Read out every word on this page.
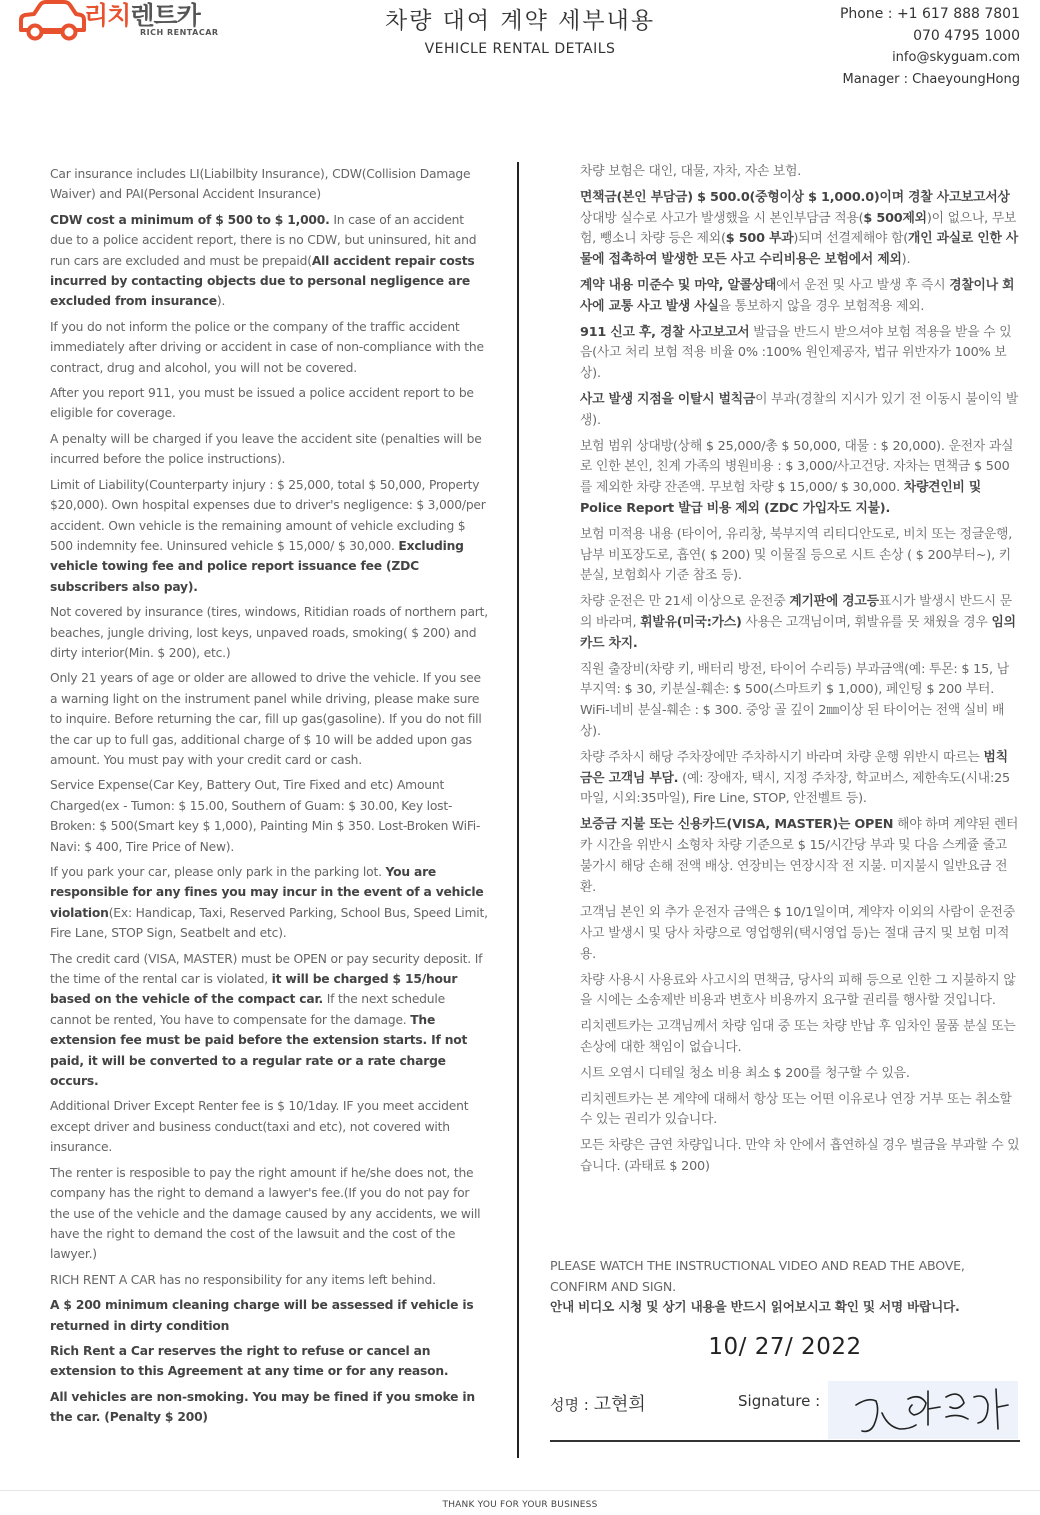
리치렌트카
RICH RENTACAR	차량 대여 계약 세부내용
VEHICLE RENTAL DETAILS
Phone : +1 617 888 7801
070 4795 1000
info@skyguam.com
Manager : ChaeyoungHong

Car insurance includes LI(Liabilbity Insurance), CDW(Collision Damage Waiver) and PAI(Personal Accident Insurance)

CDW cost a minimum of $ 500 to $ 1,000. In case of an accident due to a police accident report, there is no CDW, but uninsured, hit and run cars are excluded and must be prepaid(All accident repair costs incurred by contacting objects due to personal negligence are excluded from insurance).

If you do not inform the police or the company of the traffic accident immediately after driving or accident in case of non-compliance with the contract, drug and alcohol, you will not be covered.

After you report 911, you must be issued a police accident report to be eligible for coverage.

A penalty will be charged if you leave the accident site (penalties will be incurred before the police instructions).

Limit of Liability(Counterparty injury : $ 25,000, total $ 50,000, Property $20,000). Own hospital expenses due to driver's negligence: $ 3,000/per accident. Own vehicle is the remaining amount of vehicle excluding $ 500 indemnity fee. Uninsured vehicle $ 15,000/ $ 30,000. Excluding vehicle towing fee and police report issuance fee (ZDC subscribers also pay).

Not covered by insurance (tires, windows, Ritidian roads of northern part, beaches, jungle driving, lost keys, unpaved roads, smoking( $ 200) and dirty interior(Min. $ 200), etc.)

Only 21 years of age or older are allowed to drive the vehicle. If you see a warning light on the instrument panel while driving, please make sure to inquire. Before returning the car, fill up gas(gasoline). If you do not fill the car up to full gas, additional charge of $ 10 will be added upon gas amount. You must pay with your credit card or cash.

Service Expense(Car Key, Battery Out, Tire Fixed and etc) Amount Charged(ex - Tumon: $ 15.00, Southern of Guam: $ 30.00, Key lost-Broken: $ 500(Smart key $ 1,000), Painting Min $ 350. Lost-Broken WiFi-Navi: $ 400, Tire Price of New).

If you park your car, please only park in the parking lot. You are responsible for any fines you may incur in the event of a vehicle violation(Ex: Handicap, Taxi, Reserved Parking, School Bus, Speed Limit, Fire Lane, STOP Sign, Seatbelt and etc).

The credit card (VISA, MASTER) must be OPEN or pay security deposit. If the time of the rental car is violated, it will be charged $ 15/hour based on the vehicle of the compact car. If the next schedule cannot be rented, You have to compensate for the damage. The extension fee must be paid before the extension starts. If not paid, it will be converted to a regular rate or a rate charge occurs.

Additional Driver Except Renter fee is $ 10/1day. IF you meet accident except driver and business conduct(taxi and etc), not covered with insurance.

The renter is resposible to pay the right amount if he/she does not, the company has the right to demand a lawyer's fee.(If you do not pay for the use of the vehicle and the damage caused by any accidents, we will have the right to demand the cost of the lawsuit and the cost of the lawyer.)

RICH RENT A CAR has no responsibility for any items left behind.

A $ 200 minimum cleaning charge will be assessed if vehicle is returned in dirty condition

Rich Rent a Car reserves the right to refuse or cancel an extension to this Agreement at any time or for any reason.

All vehicles are non-smoking. You may be fined if you smoke in the car. (Penalty $ 200)

차량 보험은 대인, 대물, 자차, 자손 보험.

면책금(본인 부담금) $ 500.0(중형이상 $ 1,000.0)이며 경찰 사고보고서상 상대방 실수로 사고가 발생했을 시 본인부담금 적용($ 500제외)이 없으나, 무보험, 뺑소니 차량 등은 제외($ 500 부과)되며 선결제해야 함(개인 과실로 인한 사물에 접촉하여 발생한 모든 사고 수리비용은 보험에서 제외).

계약 내용 미준수 및 마약, 알콜상태에서 운전 및 사고 발생 후 즉시 경찰이나 회사에 교통 사고 발생 사실을 통보하지 않을 경우 보험적용 제외.

911 신고 후, 경찰 사고보고서 발급을 반드시 받으셔야 보험 적용을 받을 수 있음(사고 처리 보험 적용 비율 0% :100% 원인제공자, 법규 위반자가 100% 보상).

사고 발생 지점을 이탈시 벌칙금이 부과(경찰의 지시가 있기 전 이동시 불이익 발생).

보험 범위 상대방(상해 $ 25,000/총 $ 50,000, 대물 : $ 20,000). 운전자 과실로 인한 본인, 친계 가족의 병원비용 : $ 3,000/사고건당. 자차는 면책금 $ 500를 제외한 차량 잔존액. 무보험 차량 $ 15,000/ $ 30,000. 차량견인비 및 Police Report 발급 비용 제외 (ZDC 가입자도 지불).

보험 미적용 내용 (타이어, 유리창, 북부지역 리티디안도로, 비치 또는 정글운행, 남부 비포장도로, 흡연( $ 200) 및 이물질 등으로 시트 손상 ( $ 200부터~), 키 분실, 보험회사 기준 참조 등).

차량 운전은 만 21세 이상으로 운전중 계기판에 경고등표시가 발생시 반드시 문의 바라며, 휘발유(미국:가스) 사용은 고객님이며, 휘발유를 못 채웠을 경우 임의 카드 차지.

직원 출장비(차량 키, 배터리 방전, 타이어 수리등) 부과금액(예: 투몬: $ 15, 남부지역: $ 30, 키분실-훼손: $ 500(스마트키 $ 1,000), 페인팅 $ 200 부터. WiFi-네비 분실-훼손 : $ 300. 중앙 골 깊이 2㎜이상 된 타이어는 전액 실비 배상).

차량 주차시 해당 주차장에만 주차하시기 바라며 차량 운행 위반시 따르는 범칙금은 고객님 부담. (예: 장애자, 택시, 지정 주차장, 학교버스, 제한속도(시내:25마일, 시외:35마일), Fire Line, STOP, 안전벨트 등).

보증금 지불 또는 신용카드(VISA, MASTER)는 OPEN 해야 하며 계약된 렌터카 시간을 위반시 소형차 차량 기준으로 $ 15/시간당 부과 및 다음 스케쥴 줄고 불가시 해당 손해 전액 배상. 연장비는 연장시작 전 지불. 미지불시 일반요금 전환.

고객님 본인 외 추가 운전자 금액은 $ 10/1일이며, 계약자 이외의 사람이 운전중 사고 발생시 및 당사 차량으로 영업행위(택시영업 등)는 절대 금지 및 보험 미적용.

차량 사용시 사용료와 사고시의 면책금, 당사의 피해 등으로 인한 그 지불하지 않을 시에는 소송제반 비용과 변호사 비용까지 요구할 권리를 행사할 것입니다.

리치렌트카는 고객님께서 차량 임대 중 또는 차량 반납 후 임차인 물품 분실 또는 손상에 대한 책임이 없습니다.

시트 오염시 디테일 청소 비용 최소 $ 200를 청구할 수 있음.

리치렌트카는 본 계약에 대해서 항상 또는 어떤 이유로나 연장 거부 또는 취소할 수 있는 권리가 있습니다.

모든 차량은 금연 차량입니다. 만약 차 안에서 흡연하실 경우 벌금을 부과할 수 있습니다. (과태료 $ 200)

PLEASE WATCH THE INSTRUCTIONAL VIDEO AND READ THE ABOVE, CONFIRM AND SIGN.
안내 비디오 시청 및 상기 내용을 반드시 읽어보시고 확인 및 서명 바랍니다.
10/ 27/ 2022
성명 : 고현희	Signature :
THANK YOU FOR YOUR BUSINESS
